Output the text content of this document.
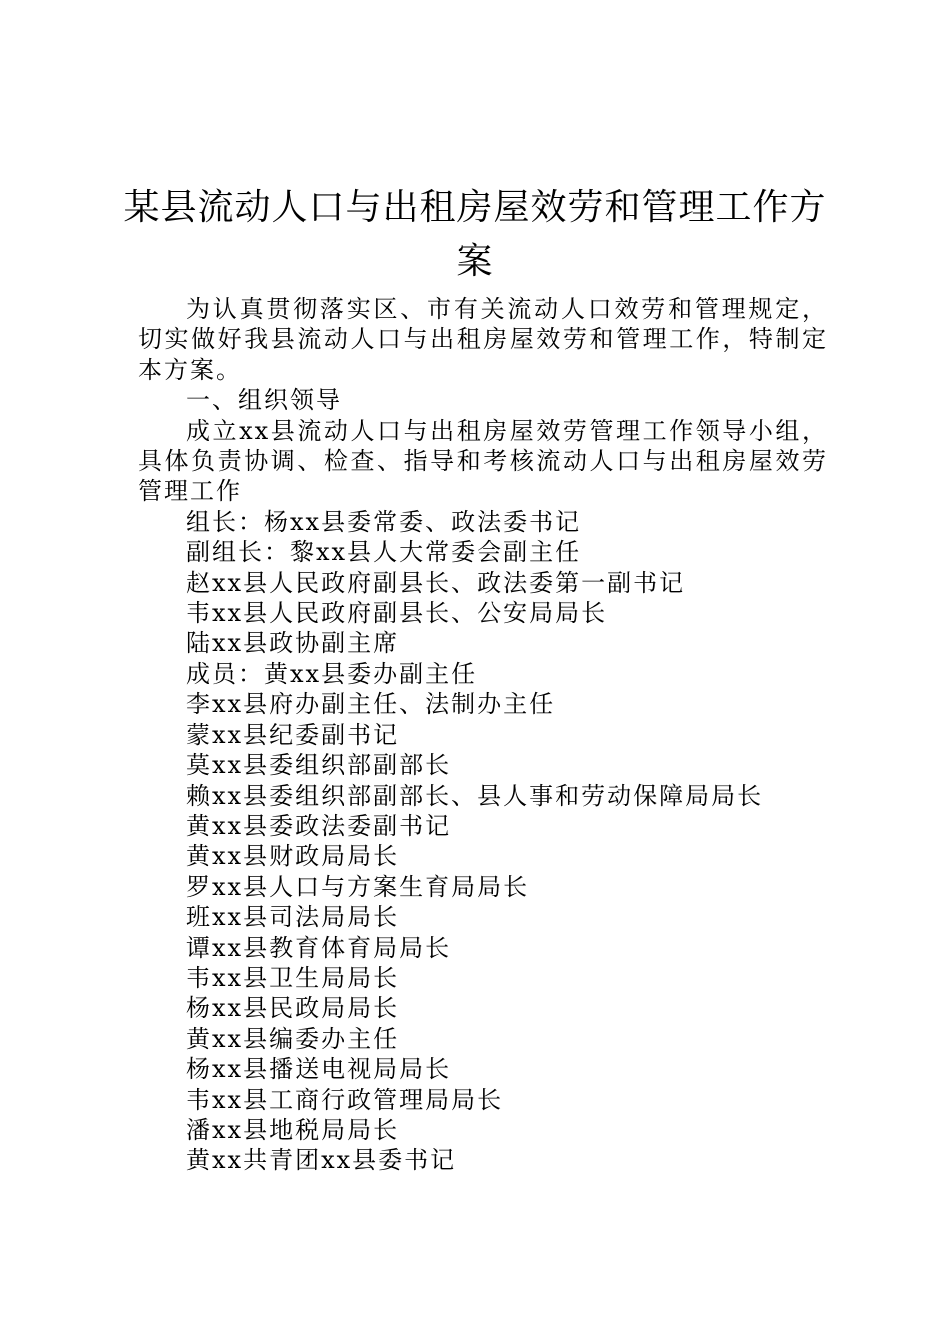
某县流动人口与出租房屋效劳和管理工作方
案

为认真贯彻落实区、市有关流动人口效劳和管理规定，切实做好我县流动人口与出租房屋效劳和管理工作，特制定本方案。

一、组织领导

成立xx县流动人口与出租房屋效劳管理工作领导小组，具体负责协调、检查、指导和考核流动人口与出租房屋效劳管理工作

组长：杨xx县委常委、政法委书记

副组长：黎xx县人大常委会副主任

赵xx县人民政府副县长、政法委第一副书记

韦xx县人民政府副县长、公安局局长

陆xx县政协副主席

成员：黄xx县委办副主任

李xx县府办副主任、法制办主任

蒙xx县纪委副书记

莫xx县委组织部副部长

赖xx县委组织部副部长、县人事和劳动保障局局长

黄xx县委政法委副书记

黄xx县财政局局长

罗xx县人口与方案生育局局长

班xx县司法局局长

谭xx县教育体育局局长

韦xx县卫生局局长

杨xx县民政局局长

黄xx县编委办主任

杨xx县播送电视局局长

韦xx县工商行政管理局局长

潘xx县地税局局长

黄xx共青团xx县委书记
